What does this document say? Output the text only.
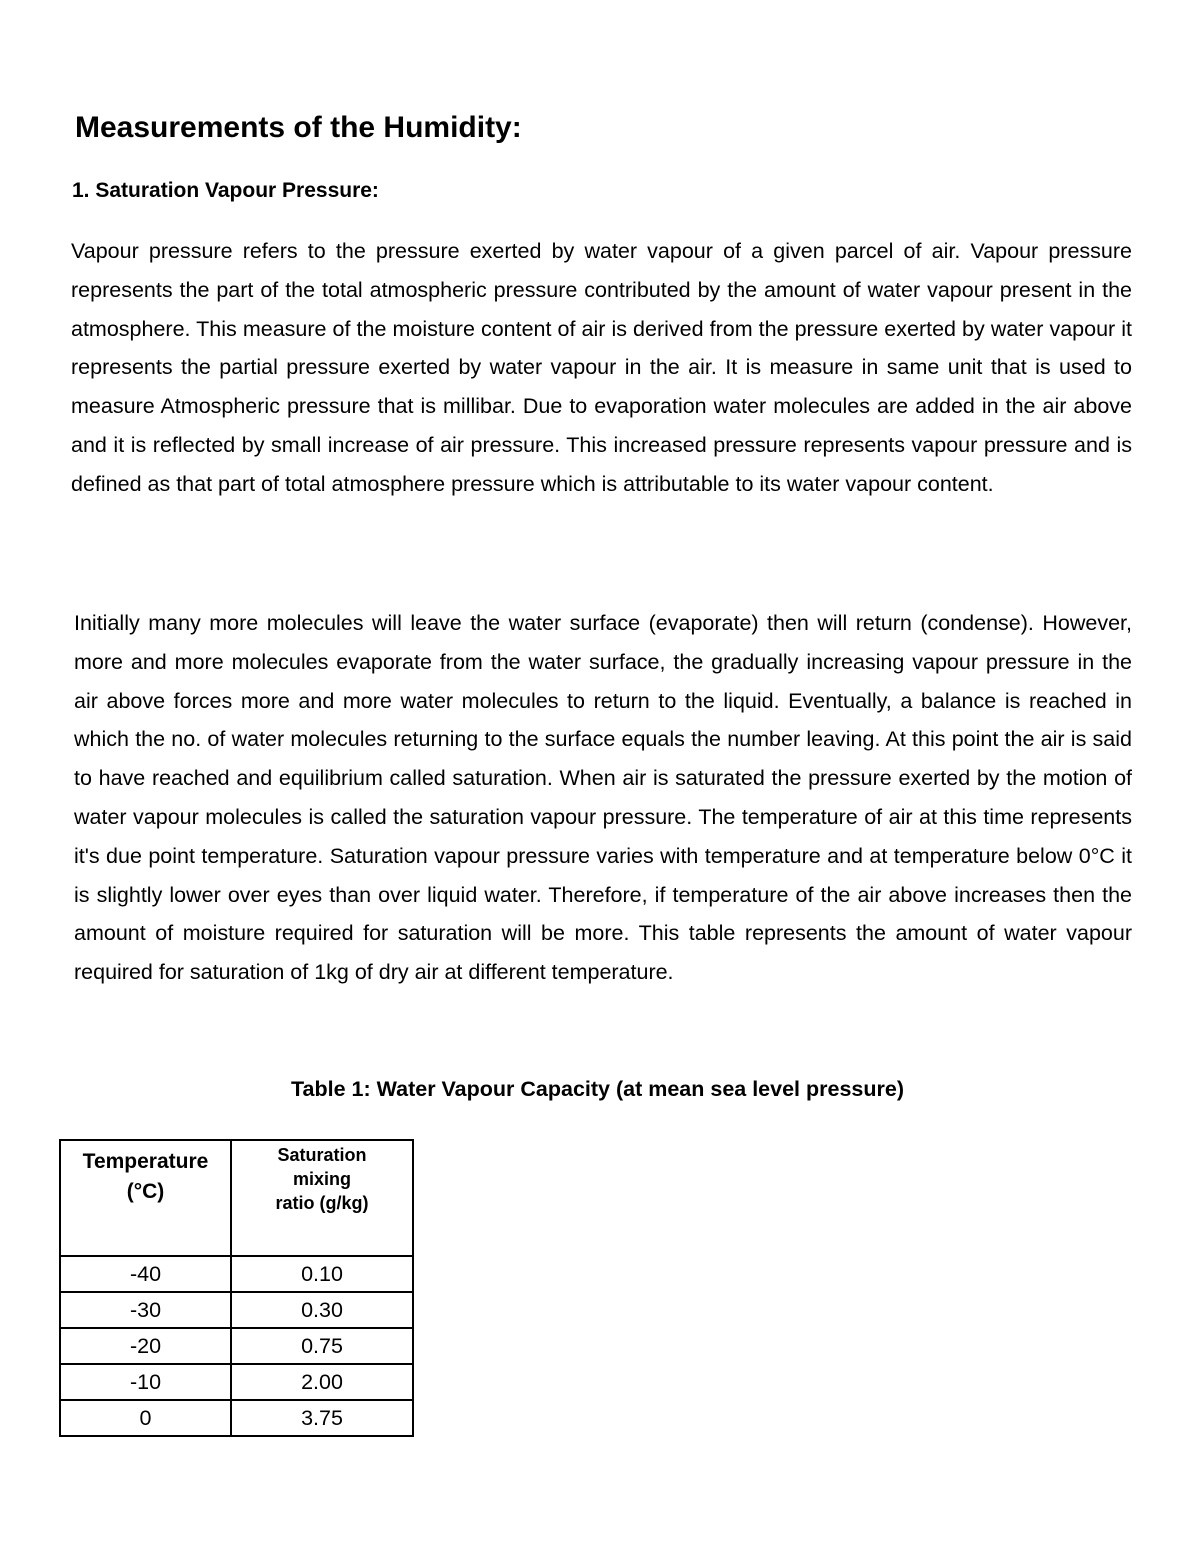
Measurements of the Humidity:
1. Saturation Vapour Pressure:

Vapour pressure refers to the pressure exerted by water vapour of a given parcel of air. Vapour pressure represents the part of the total atmospheric pressure contributed by the amount of water vapour present in the atmosphere. This measure of the moisture content of air is derived from the pressure exerted by water vapour it represents the partial pressure exerted by water vapour in the air. It is measure in same unit that is used to measure Atmospheric pressure that is millibar. Due to evaporation water molecules are added in the air above and it is reflected by small increase of air pressure. This increased pressure represents vapour pressure and is defined as that part of total atmosphere pressure which is attributable to its water vapour content.

Initially many more molecules will leave the water surface (evaporate) then will return (condense). However, more and more molecules evaporate from the water surface, the gradually increasing vapour pressure in the air above forces more and more water molecules to return to the liquid. Eventually, a balance is reached in which the no. of water molecules returning to the surface equals the number leaving. At this point the air is said to have reached and equilibrium called saturation. When air is saturated the pressure exerted by the motion of water vapour molecules is called the saturation vapour pressure. The temperature of air at this time represents it's due point temperature. Saturation vapour pressure varies with temperature and at temperature below 0°C it is slightly lower over eyes than over liquid water. Therefore, if temperature of the air above increases then the amount of moisture required for saturation will be more. This table represents the amount of water vapour required for saturation of 1kg of dry air at different temperature.

Table 1: Water Vapour Capacity (at mean sea level pressure)

Temperature
(°C)	Saturation
mixing
ratio (g/kg)

-40	0.10
-30	0.30
-20	0.75
-10	2.00
0	3.75
